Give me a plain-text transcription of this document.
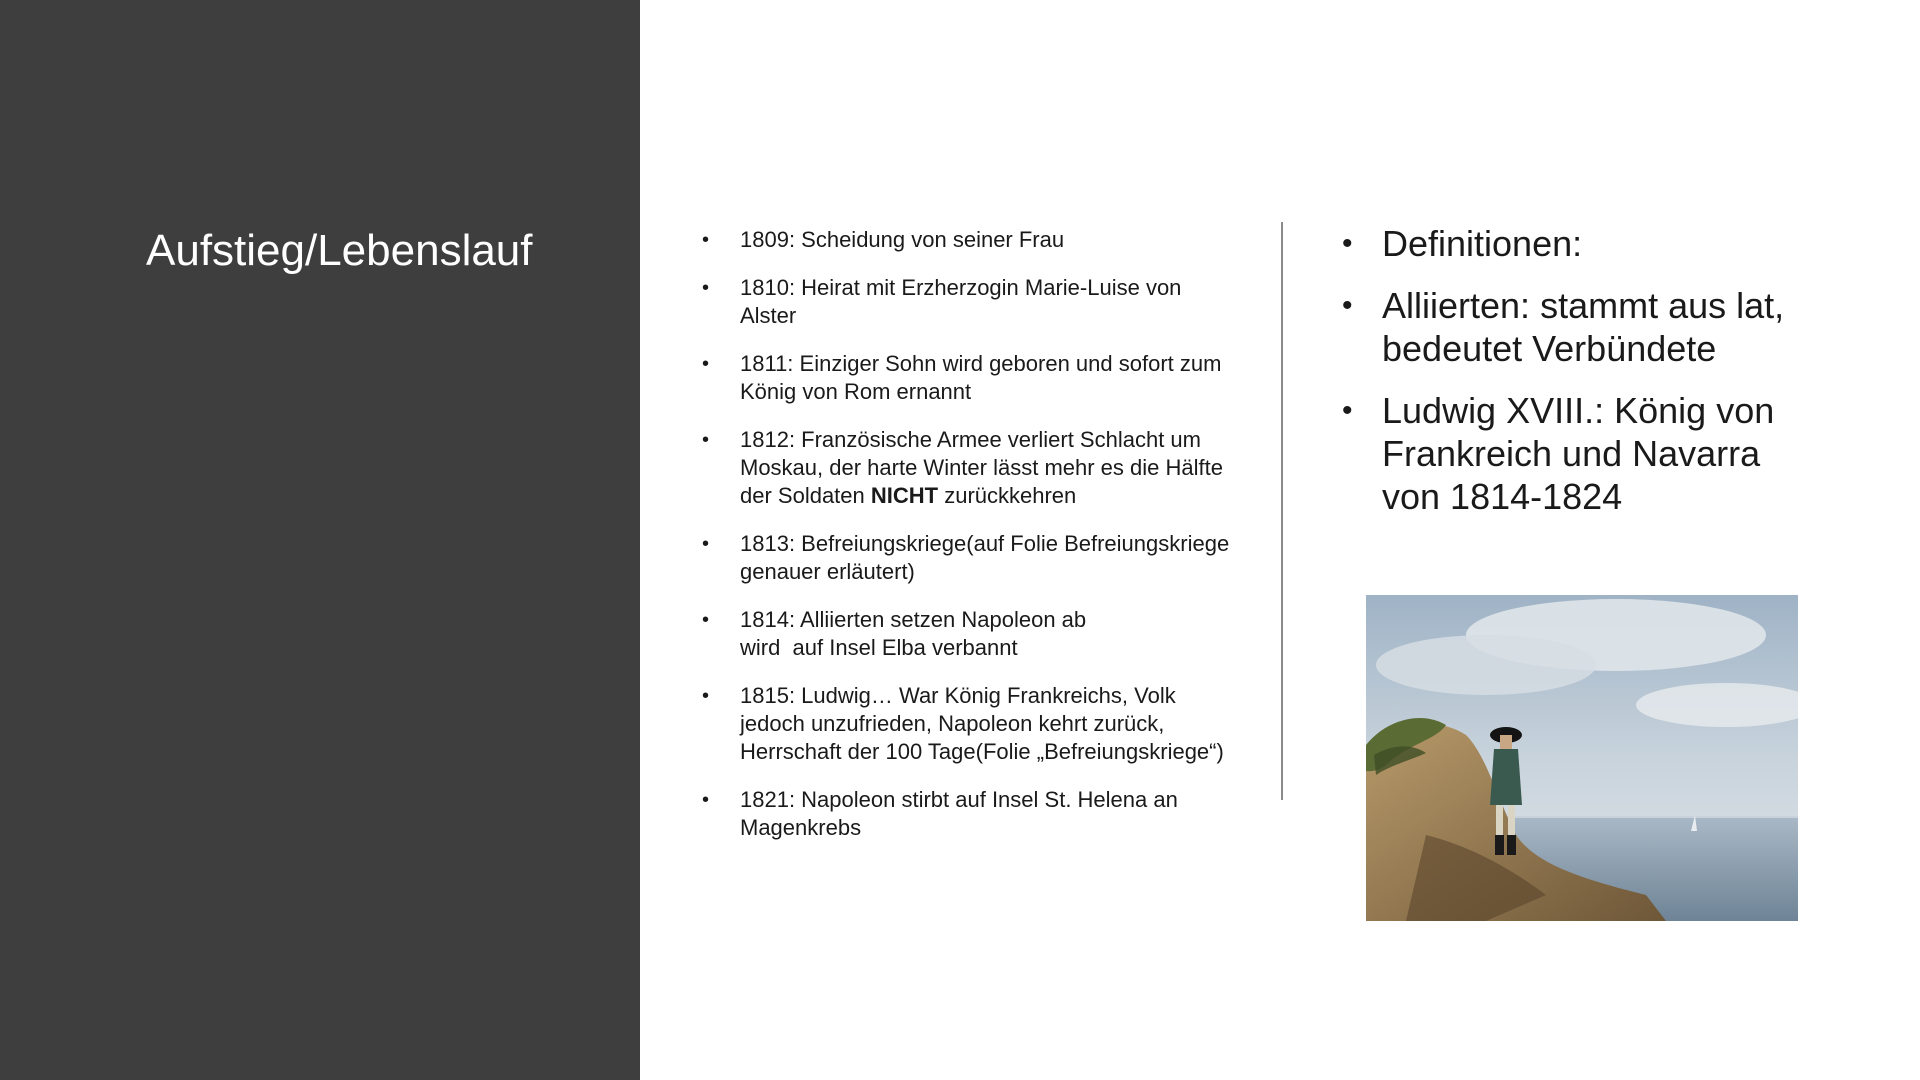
Aufstieg/Lebenslauf	• 1809: Scheidung von seiner Frau
• 1810: Heirat mit Erzherzogin Marie-Luise von Alster
• 1811: Einziger Sohn wird geboren und sofort zum König von Rom ernannt
• 1812: Französische Armee verliert Schlacht um Moskau, der harte Winter lässt mehr es die Hälfte der Soldaten NICHT zurückkehren
• 1813: Befreiungskriege(auf Folie Befreiungskriege genauer erläutert)
• 1814: Alliierten setzen Napoleon ab wird  auf Insel Elba verbannt
• 1815: Ludwig… War König Frankreichs, Volk jedoch unzufrieden, Napoleon kehrt zurück, Herrschaft der 100 Tage(Folie „Befreiungskriege“)
• 1821: Napoleon stirbt auf Insel St. Helena an Magenkrebs
• Definitionen:
• Alliierten: stammt aus lat, bedeutet Verbündete
• Ludwig XVIII.: König von Frankreich und Navarra von 1814-1824
